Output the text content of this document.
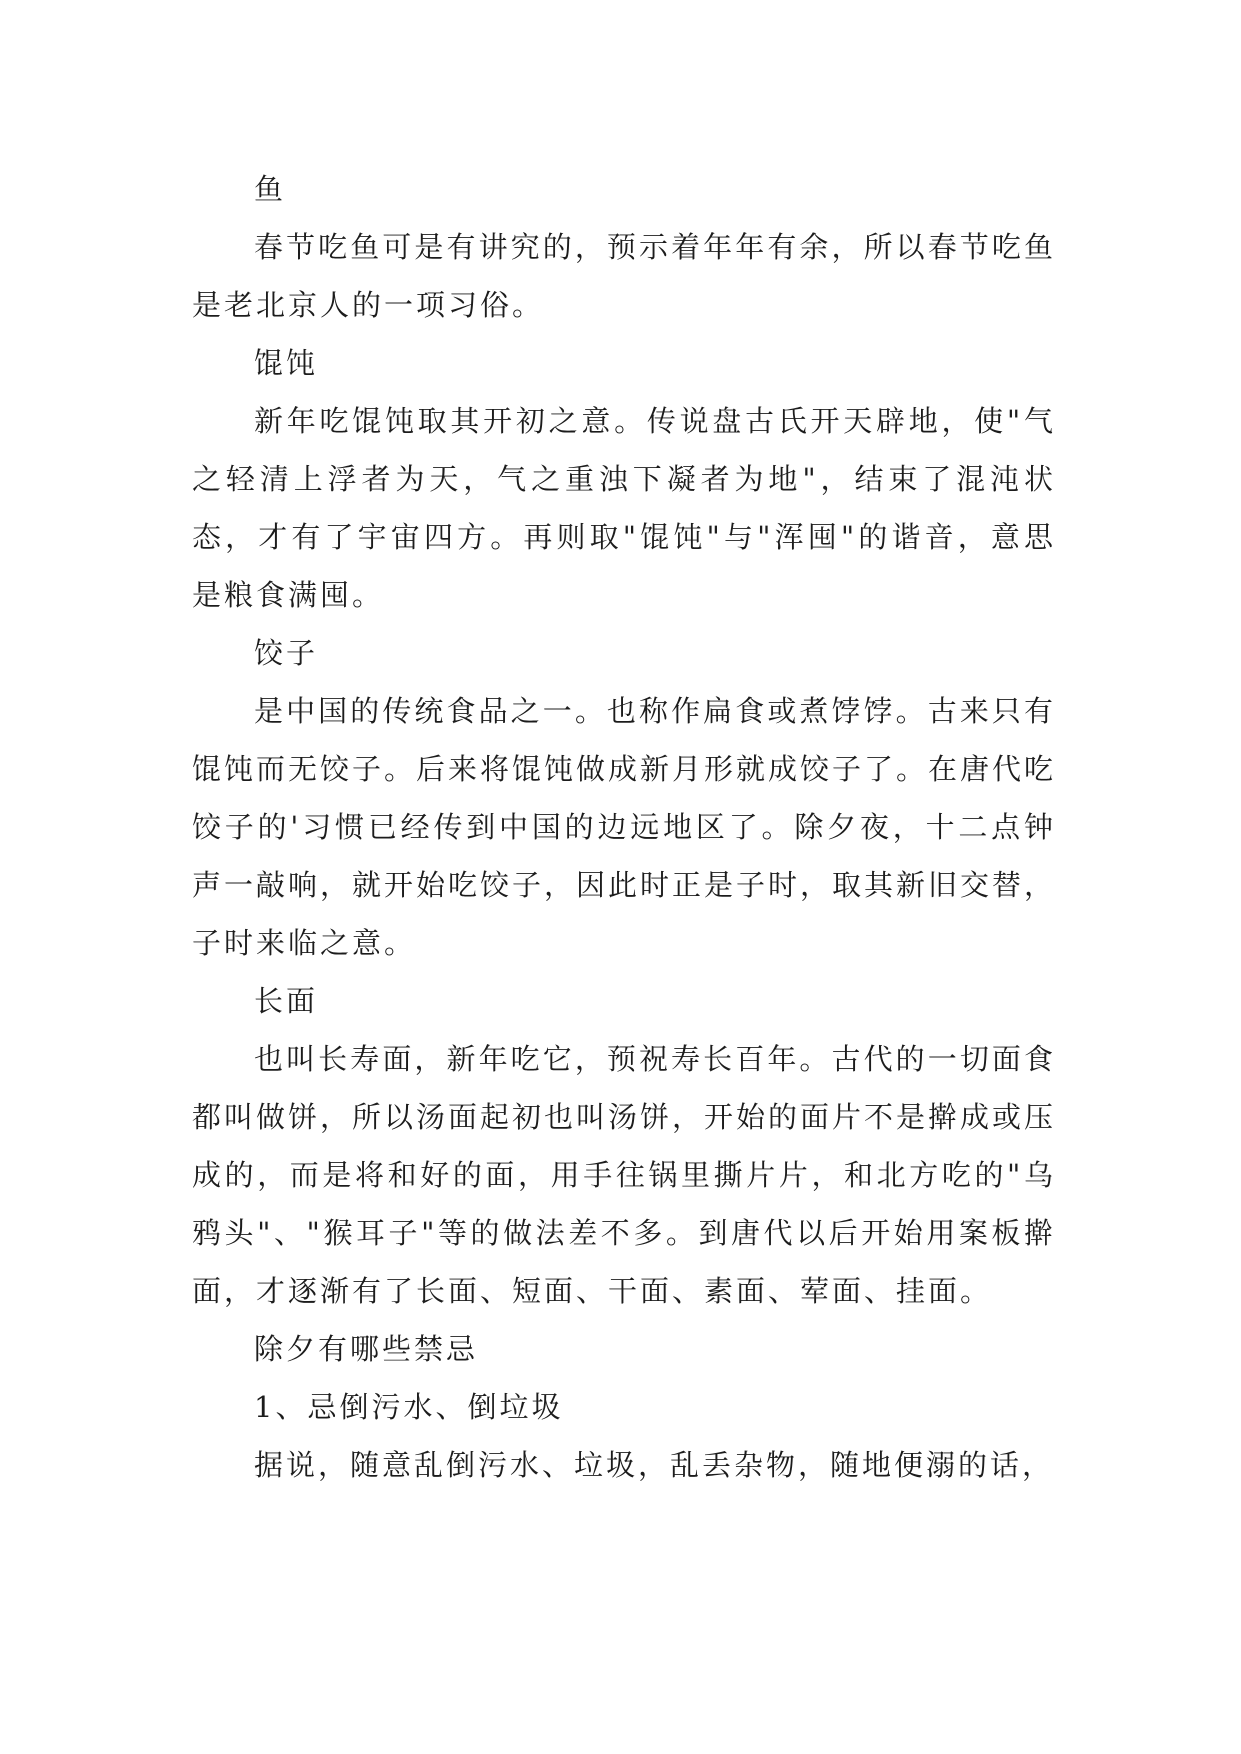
鱼

春节吃鱼可是有讲究的，预示着年年有余，所以春节吃鱼是老北京人的一项习俗。

馄饨

新年吃馄饨取其开初之意。传说盘古氏开天辟地，使"气之轻清上浮者为天，气之重浊下凝者为地"，结束了混沌状态，才有了宇宙四方。再则取"馄饨"与"浑囤"的谐音，意思是粮食满囤。

饺子

是中国的传统食品之一。也称作扁食或煮饽饽。古来只有馄饨而无饺子。后来将馄饨做成新月形就成饺子了。在唐代吃饺子的'习惯已经传到中国的边远地区了。除夕夜，十二点钟声一敲响，就开始吃饺子，因此时正是子时，取其新旧交替，子时来临之意。

长面

也叫长寿面，新年吃它，预祝寿长百年。古代的一切面食都叫做饼，所以汤面起初也叫汤饼，开始的面片不是擀成或压成的，而是将和好的面，用手往锅里撕片片，和北方吃的"乌鸦头"、"猴耳子"等的做法差不多。到唐代以后开始用案板擀面，才逐渐有了长面、短面、干面、素面、荤面、挂面。

除夕有哪些禁忌

1、忌倒污水、倒垃圾

据说，随意乱倒污水、垃圾，乱丢杂物，随地便溺的话，
